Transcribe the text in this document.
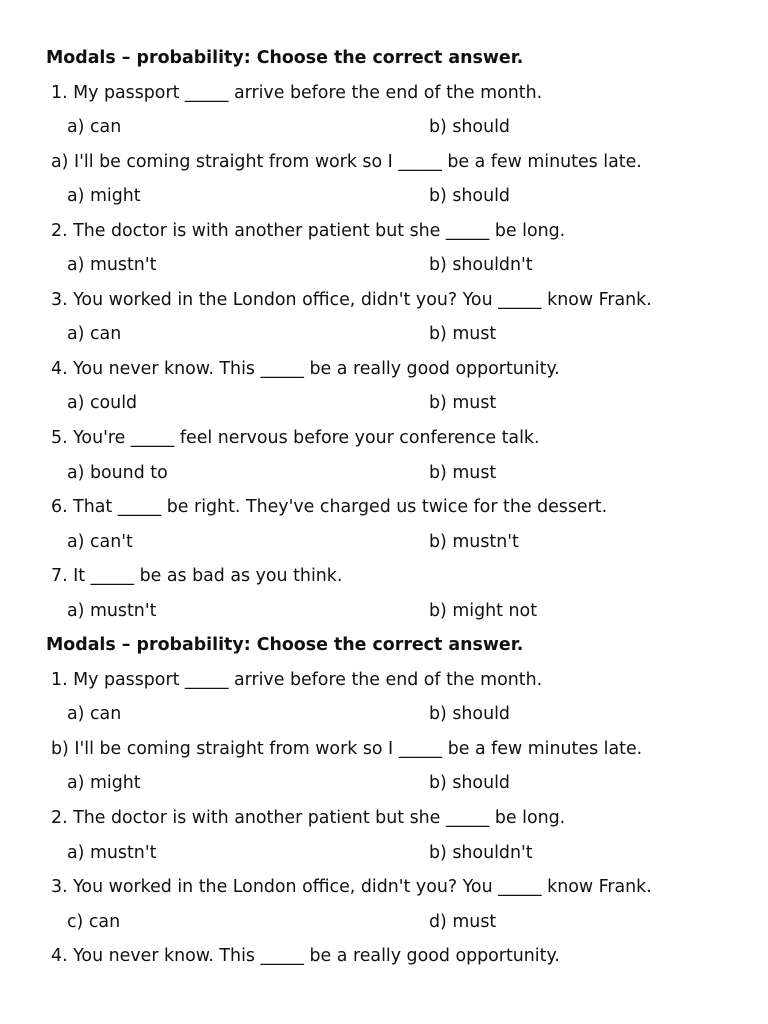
Modals – probability: Choose the correct answer.
1. My passport _____ arrive before the end of the month.
a) can	b) should
a) I'll be coming straight from work so I _____ be a few minutes late.
a) might	b) should
2. The doctor is with another patient but she _____ be long.
a) mustn't	b) shouldn't
3. You worked in the London office, didn't you? You _____ know Frank.
a) can	b) must
4. You never know. This _____ be a really good opportunity.
a) could	b) must
5. You're _____ feel nervous before your conference talk.
a) bound to	b) must
6. That _____ be right. They've charged us twice for the dessert.
a) can't	b) mustn't
7. It _____ be as bad as you think.
a) mustn't	b) might not
Modals – probability: Choose the correct answer.
1. My passport _____ arrive before the end of the month.
a) can	b) should
b) I'll be coming straight from work so I _____ be a few minutes late.
a) might	b) should
2. The doctor is with another patient but she _____ be long.
a) mustn't	b) shouldn't
3. You worked in the London office, didn't you? You _____ know Frank.
c) can	d) must
4. You never know. This _____ be a really good opportunity.
